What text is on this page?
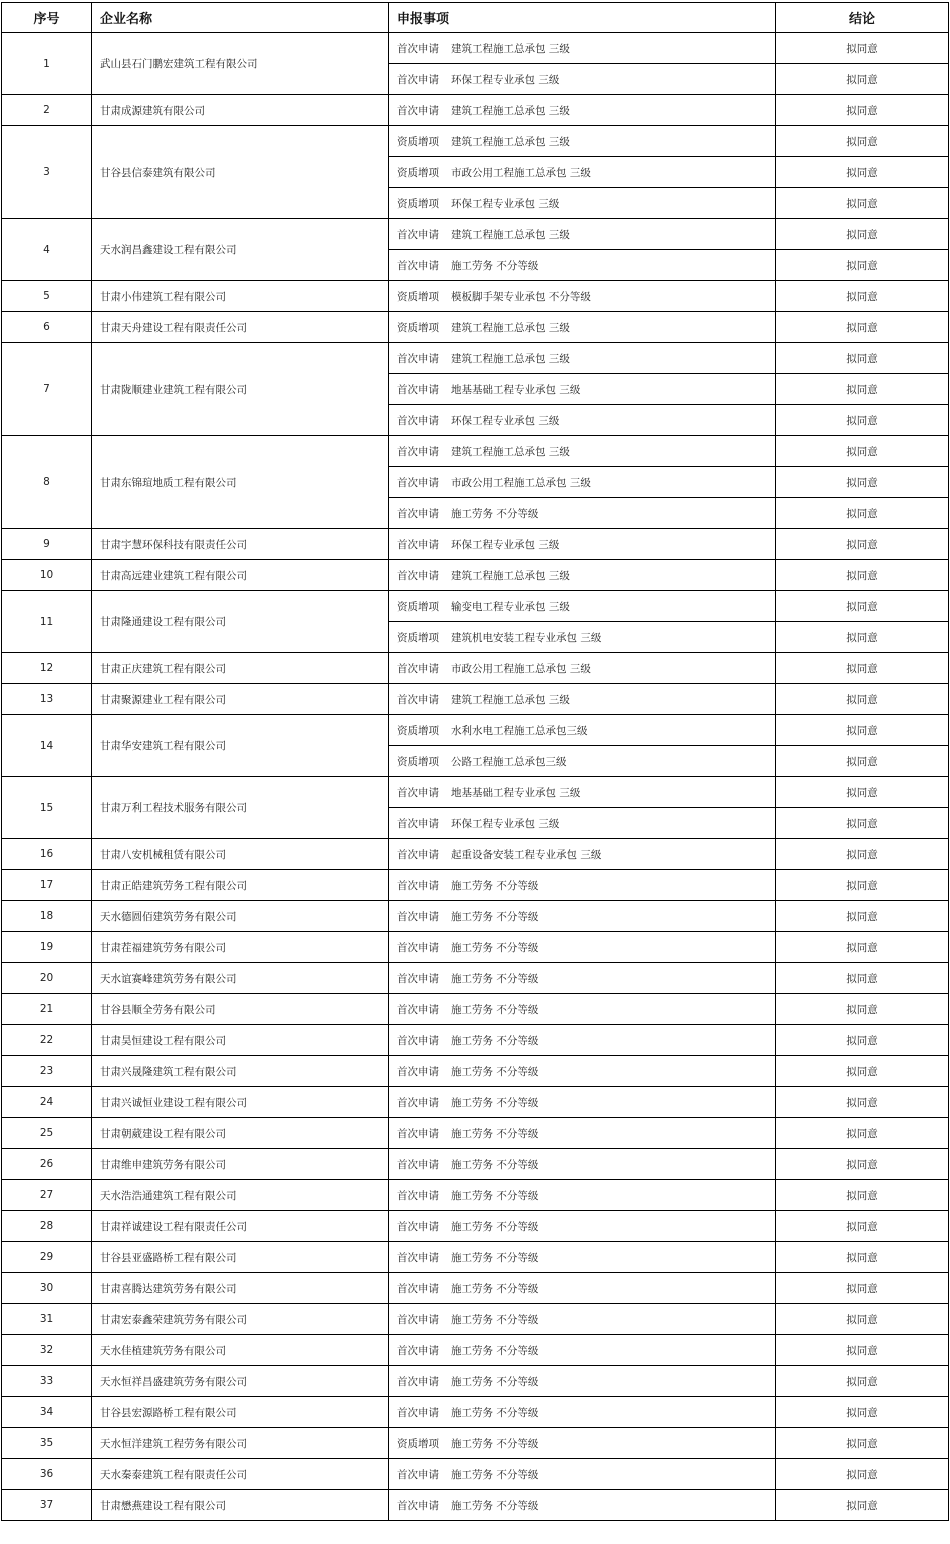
序号	企业名称	申报事项	结论
1	武山县石门鹏宏建筑工程有限公司	首次申请 建筑工程施工总承包 三级	拟同意
		首次申请 环保工程专业承包 三级	拟同意
2	甘肃成源建筑有限公司	首次申请 建筑工程施工总承包 三级	拟同意
3	甘谷县信泰建筑有限公司	资质增项 建筑工程施工总承包 三级	拟同意
		资质增项 市政公用工程施工总承包 三级	拟同意
		资质增项 环保工程专业承包 三级	拟同意
4	天水润昌鑫建设工程有限公司	首次申请 建筑工程施工总承包 三级	拟同意
		首次申请 施工劳务 不分等级	拟同意
5	甘肃小伟建筑工程有限公司	资质增项 模板脚手架专业承包 不分等级	拟同意
6	甘肃天舟建设工程有限责任公司	资质增项 建筑工程施工总承包 三级	拟同意
7	甘肃陇顺建业建筑工程有限公司	首次申请 建筑工程施工总承包 三级	拟同意
		首次申请 地基基础工程专业承包 三级	拟同意
		首次申请 环保工程专业承包 三级	拟同意
8	甘肃东锦瑄地质工程有限公司	首次申请 建筑工程施工总承包 三级	拟同意
		首次申请 市政公用工程施工总承包 三级	拟同意
		首次申请 施工劳务 不分等级	拟同意
9	甘肃宇慧环保科技有限责任公司	首次申请 环保工程专业承包 三级	拟同意
10	甘肃高远建业建筑工程有限公司	首次申请 建筑工程施工总承包 三级	拟同意
11	甘肃隆通建设工程有限公司	资质增项 输变电工程专业承包 三级	拟同意
		资质增项 建筑机电安装工程专业承包 三级	拟同意
12	甘肃正庆建筑工程有限公司	首次申请 市政公用工程施工总承包 三级	拟同意
13	甘肃聚源建业工程有限公司	首次申请 建筑工程施工总承包 三级	拟同意
14	甘肃华安建筑工程有限公司	资质增项 水利水电工程施工总承包三级	拟同意
		资质增项 公路工程施工总承包三级	拟同意
15	甘肃万利工程技术服务有限公司	首次申请 地基基础工程专业承包 三级	拟同意
		首次申请 环保工程专业承包 三级	拟同意
16	甘肃八安机械租赁有限公司	首次申请 起重设备安装工程专业承包 三级	拟同意
17	甘肃正皓建筑劳务工程有限公司	首次申请 施工劳务 不分等级	拟同意
18	天水德圆佰建筑劳务有限公司	首次申请 施工劳务 不分等级	拟同意
19	甘肃茬福建筑劳务有限公司	首次申请 施工劳务 不分等级	拟同意
20	天水谊赛峰建筑劳务有限公司	首次申请 施工劳务 不分等级	拟同意
21	甘谷县顺全劳务有限公司	首次申请 施工劳务 不分等级	拟同意
22	甘肃昊恒建设工程有限公司	首次申请 施工劳务 不分等级	拟同意
23	甘肃兴晟隆建筑工程有限公司	首次申请 施工劳务 不分等级	拟同意
24	甘肃兴诚恒业建设工程有限公司	首次申请 施工劳务 不分等级	拟同意
25	甘肃朝葳建设工程有限公司	首次申请 施工劳务 不分等级	拟同意
26	甘肃维申建筑劳务有限公司	首次申请 施工劳务 不分等级	拟同意
27	天水浩浩通建筑工程有限公司	首次申请 施工劳务 不分等级	拟同意
28	甘肃祥诚建设工程有限责任公司	首次申请 施工劳务 不分等级	拟同意
29	甘谷县亚盛路桥工程有限公司	首次申请 施工劳务 不分等级	拟同意
30	甘肃喜腾达建筑劳务有限公司	首次申请 施工劳务 不分等级	拟同意
31	甘肃宏泰鑫荣建筑劳务有限公司	首次申请 施工劳务 不分等级	拟同意
32	天水佳植建筑劳务有限公司	首次申请 施工劳务 不分等级	拟同意
33	天水恒祥昌盛建筑劳务有限公司	首次申请 施工劳务 不分等级	拟同意
34	甘谷县宏源路桥工程有限公司	首次申请 施工劳务 不分等级	拟同意
35	天水恒洋建筑工程劳务有限公司	资质增项 施工劳务 不分等级	拟同意
36	天水秦泰建筑工程有限责任公司	首次申请 施工劳务 不分等级	拟同意
37	甘肃懋燕建设工程有限公司	首次申请 施工劳务 不分等级	拟同意
